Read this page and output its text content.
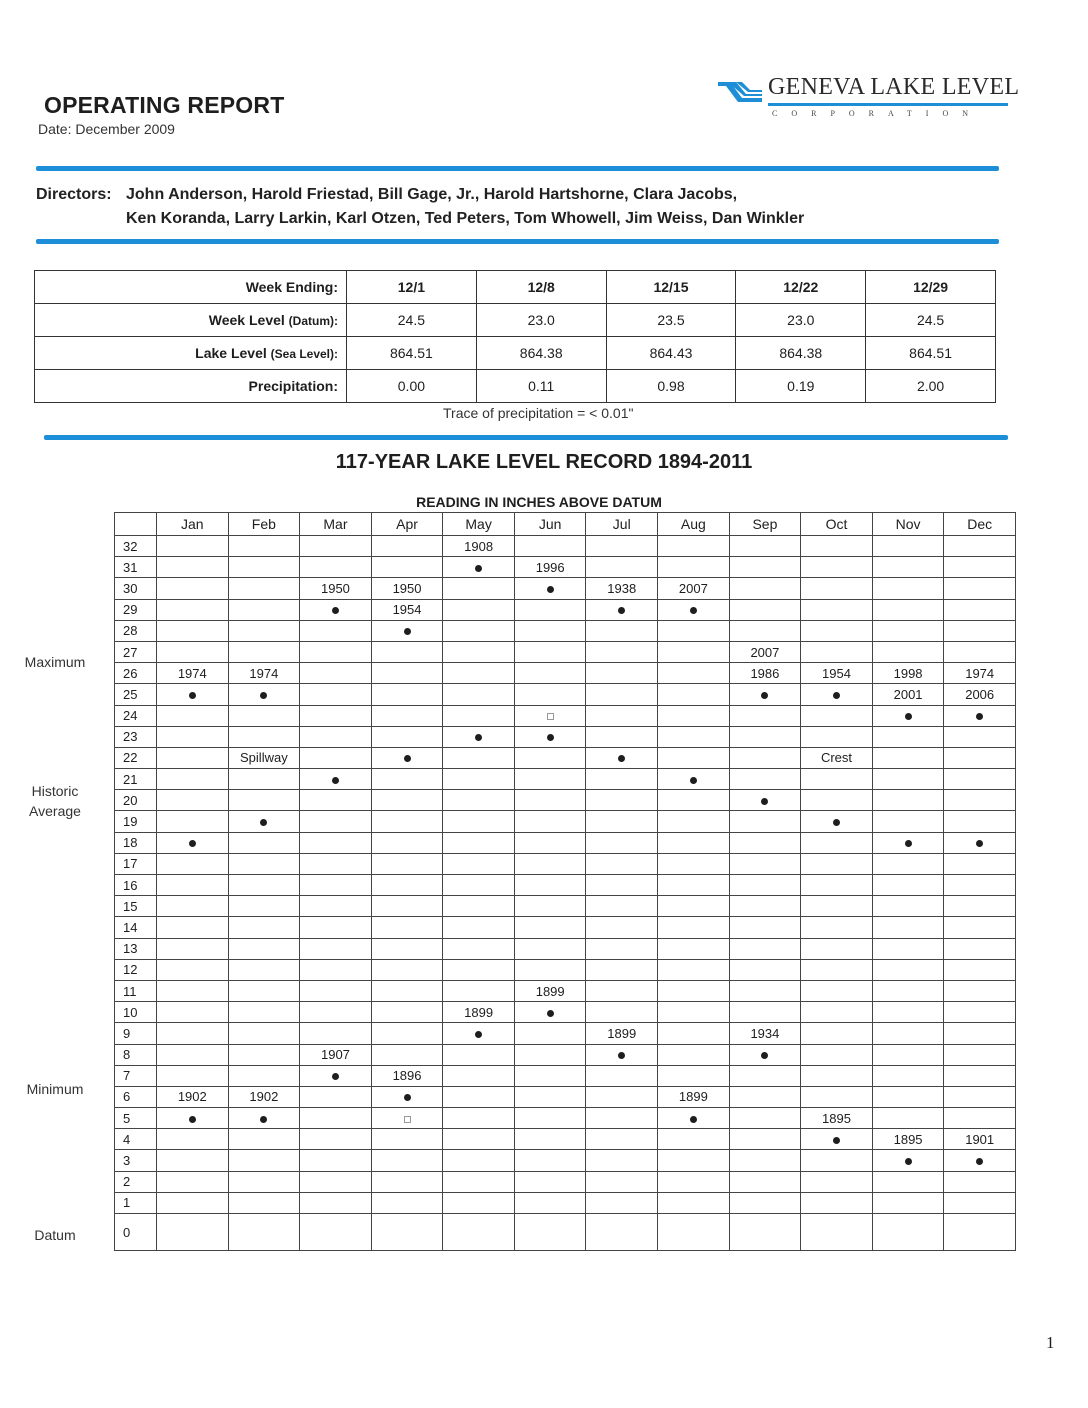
OPERATING REPORT
Date: December 2009
GENEVA LAKE LEVEL
CORPORATION
Directors: John Anderson, Harold Friestad, Bill Gage, Jr., Harold Hartshorne, Clara Jacobs,
Ken Koranda, Larry Larkin, Karl Otzen, Ted Peters, Tom Whowell, Jim Weiss, Dan Winkler
Week Ending:	12/1	12/8	12/15	12/22	12/29
Week Level (Datum):	24.5	23.0	23.5	23.0	24.5
Lake Level (Sea Level):	864.51	864.38	864.43	864.38	864.51
Precipitation:	0.00	0.11	0.98	0.19	2.00
Trace of precipitation = < 0.01"
117-YEAR LAKE LEVEL RECORD 1894-2011
READING IN INCHES ABOVE DATUM
	Jan	Feb	Mar	Apr	May	Jun	Jul	Aug	Sep	Oct	Nov	Dec
32					1908							
31						1996						
30			1950	1950			1938	2007				
29				1954								
28												
27									2007			
26	1974	1974							1986	1954	1998	1974
25											2001	2006
24												
23												
22		Spillway								Crest		
21												
20												
19												
18												
17												
16												
15												
14												
13												
12												
11						1899						
10					1899							
9							1899		1934			
8			1907									
7				1896								
6	1902	1902						1899				
5										1895		
4											1895	1901
3												
2												
1												
0												
Maximum
Historic
Average
Minimum
Datum
1
